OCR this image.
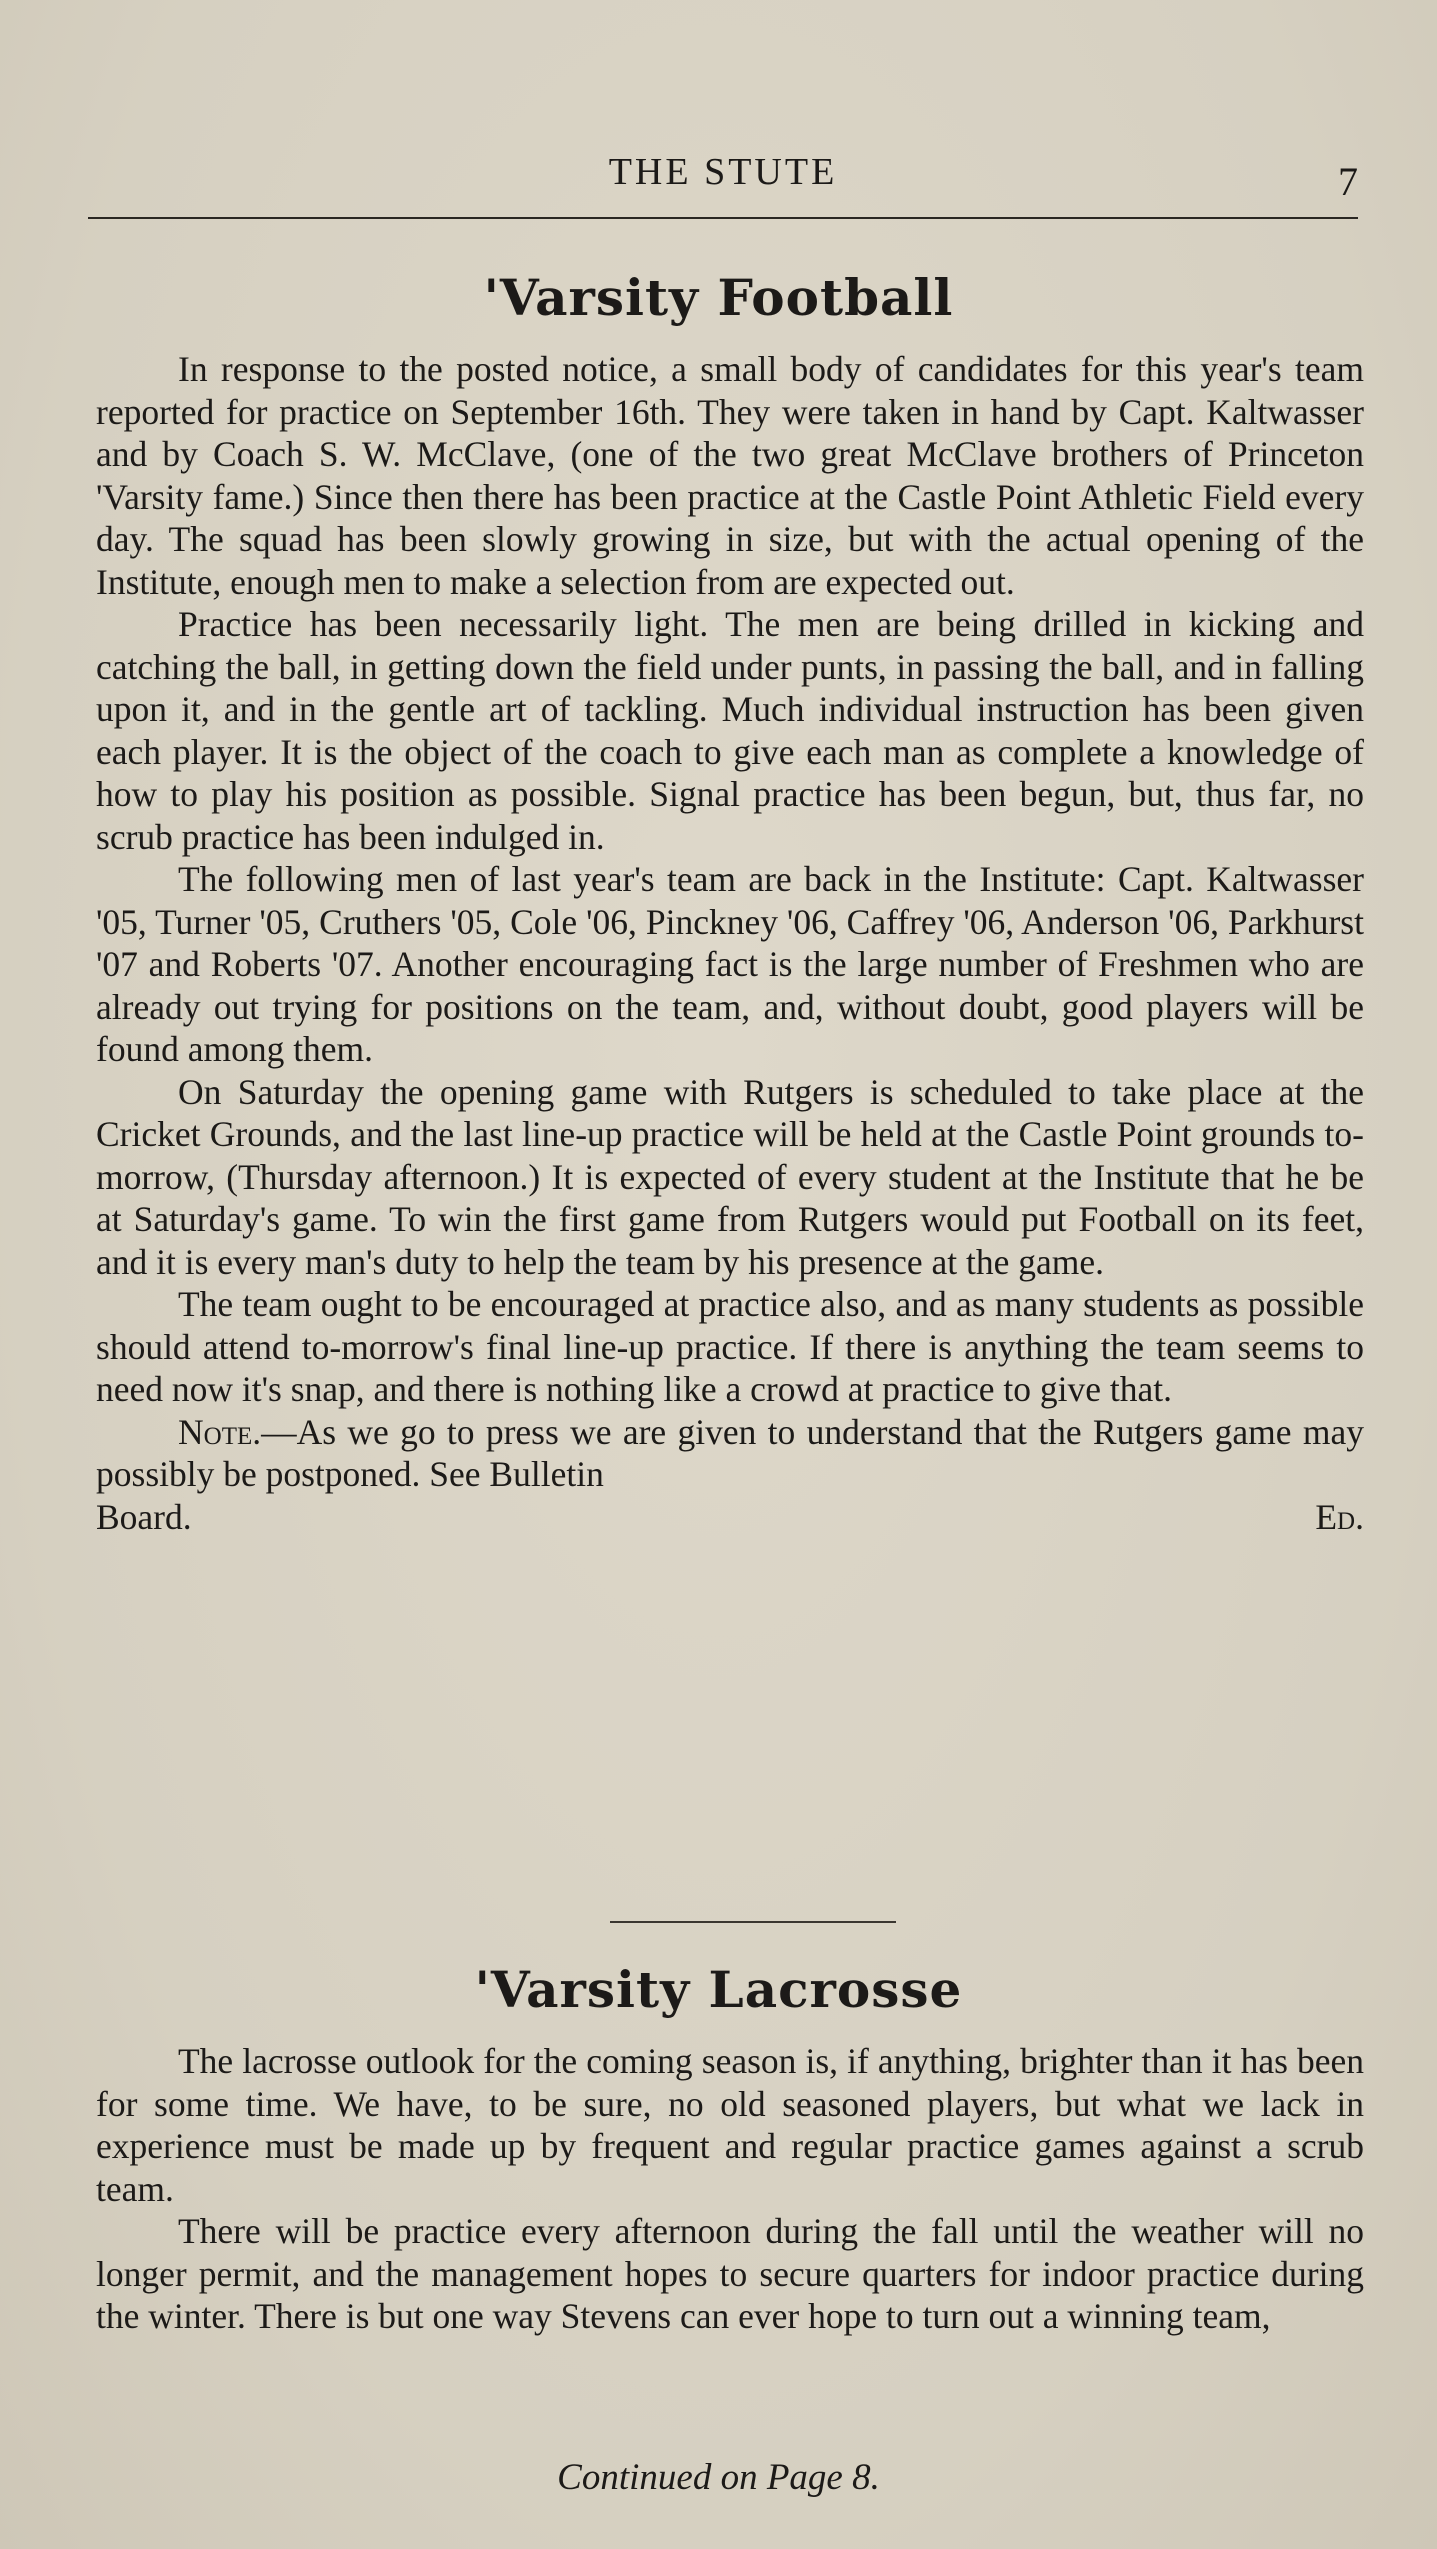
THE STUTE	7
'Varsity Football

In response to the posted notice, a small body of candidates for this year's team reported for practice on September 16th. They were taken in hand by Capt. Kaltwasser and by Coach S. W. McClave, (one of the two great McClave brothers of Princeton 'Varsity fame.) Since then there has been practice at the Castle Point Athletic Field every day. The squad has been slowly growing in size, but with the actual opening of the Institute, enough men to make a selection from are expected out.

Practice has been necessarily light. The men are being drilled in kicking and catching the ball, in getting down the field under punts, in passing the ball, and in falling upon it, and in the gentle art of tackling. Much individual instruction has been given each player. It is the object of the coach to give each man as complete a knowledge of how to play his position as possible. Signal practice has been begun, but, thus far, no scrub practice has been indulged in.

The following men of last year's team are back in the Institute: Capt. Kaltwasser '05, Turner '05, Cruthers '05, Cole '06, Pinckney '06, Caffrey '06, Anderson '06, Parkhurst '07 and Roberts '07. Another encouraging fact is the large number of Freshmen who are already out trying for positions on the team, and, without doubt, good players will be found among them.

On Saturday the opening game with Rutgers is scheduled to take place at the Cricket Grounds, and the last line-up practice will be held at the Castle Point grounds to-morrow, (Thursday afternoon.) It is expected of every student at the Institute that he be at Saturday's game. To win the first game from Rutgers would put Football on its feet, and it is every man's duty to help the team by his presence at the game.

The team ought to be encouraged at practice also, and as many students as possible should attend to-morrow's final line-up practice. If there is anything the team seems to need now it's snap, and there is nothing like a crowd at practice to give that.

Note.—As we go to press we are given to understand that the Rutgers game may possibly be postponed. See Bulletin

Board.	Ed.
'Varsity Lacrosse

The lacrosse outlook for the coming season is, if anything, brighter than it has been for some time. We have, to be sure, no old seasoned players, but what we lack in experience must be made up by frequent and regular practice games against a scrub team.

There will be practice every afternoon during the fall until the weather will no longer permit, and the management hopes to secure quarters for indoor practice during the winter. There is but one way Stevens can ever hope to turn out a winning team,

Continued on Page 8.
